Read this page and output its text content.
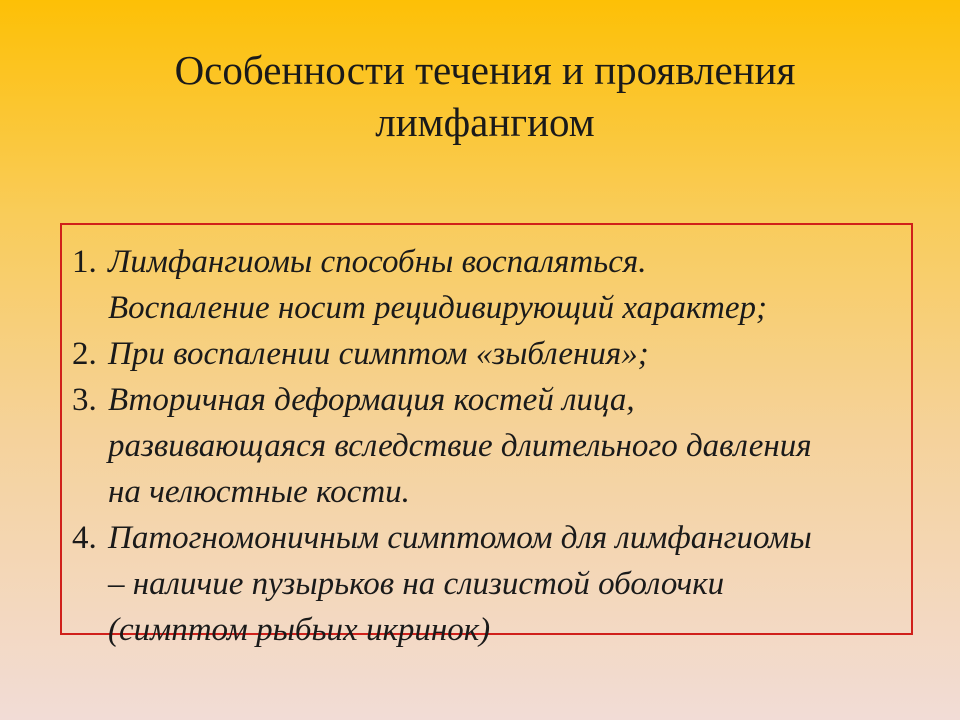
Особенности течения и проявления
лимфангиом
1. Лимфангиомы способны воспаляться.
Воспаление носит рецидивирующий характер;
2. При воспалении симптом «зыбления»;
3. Вторичная деформация костей лица,
развивающаяся вследствие длительного давления
на челюстные кости.
4. Патогномоничным симптомом для лимфангиомы
– наличие пузырьков на слизистой оболочки
(симптом рыбьих икринок)
